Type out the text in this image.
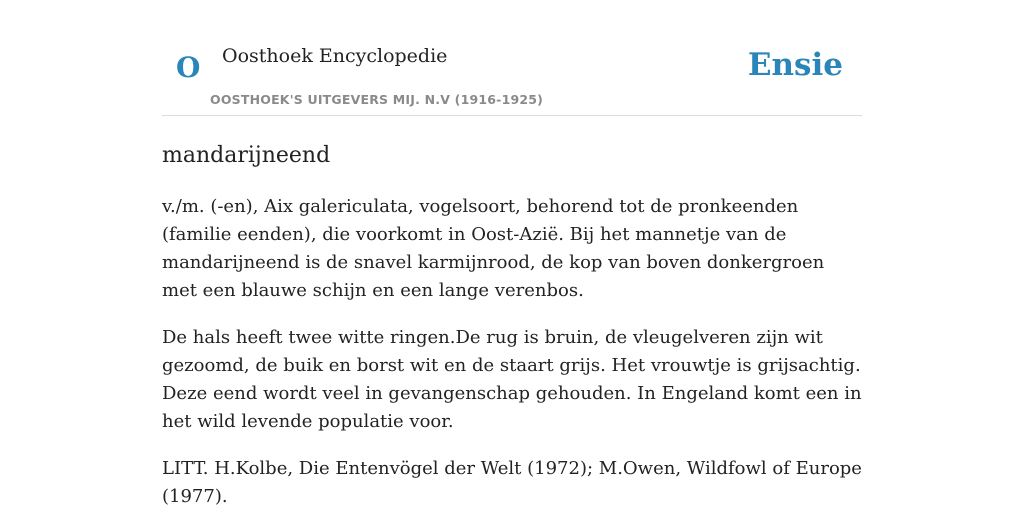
O Oosthoek Encyclopedie
OOSTHOEK'S UITGEVERS MIJ. N.V (1916-1925)
Ensie
mandarijneend

v./m. (-en), Aix galericulata, vogelsoort, behorend tot de pronkeenden (familie eenden), die voorkomt in Oost-Azië. Bij het mannetje van de mandarijneend is de snavel karmijnrood, de kop van boven donkergroen met een blauwe schijn en een lange verenbos.

De hals heeft twee witte ringen.De rug is bruin, de vleugelveren zijn wit gezoomd, de buik en borst wit en de staart grijs. Het vrouwtje is grijsachtig. Deze eend wordt veel in gevangenschap gehouden. In Engeland komt een in het wild levende populatie voor.

LITT. H.Kolbe, Die Entenvögel der Welt (1972); M.Owen, Wildfowl of Europe (1977).
